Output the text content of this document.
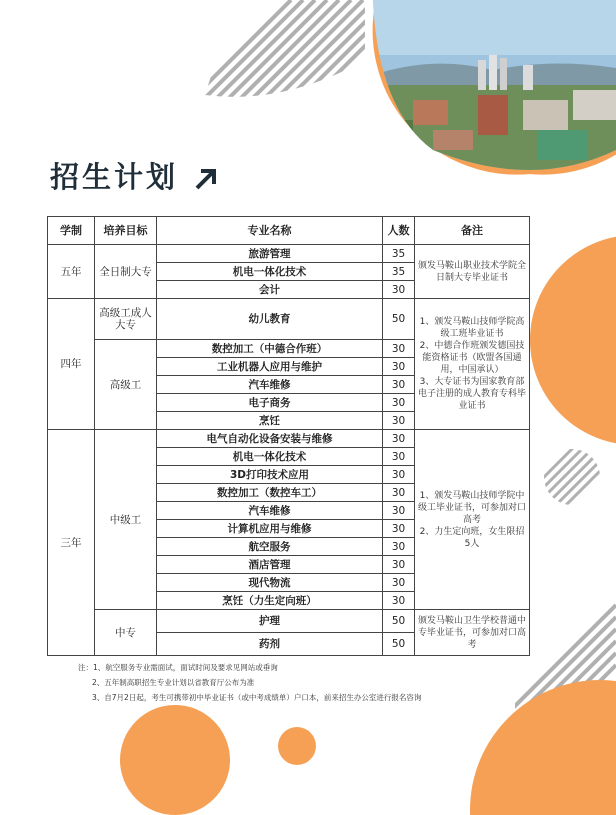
招生计划
学制	培养目标	专业名称	人数	备注
五年	全日制大专	旅游管理	35	颁发马鞍山职业技术学院全日制大专毕业证书
		机电一体化技术	35	
		会计	30	
四年	高级工成人大专	幼儿教育	50	1、颁发马鞍山技师学院高级工班毕业证书
2、中德合作班颁发德国技能资格证书（欧盟各国通用，中国承认）
3、大专证书为国家教育部电子注册的成人教育专科毕业证书
	高级工	数控加工（中德合作班）	30	
		工业机器人应用与维护	30	
		汽车维修	30	
		电子商务	30	
		烹饪	30	
三年	中级工	电气自动化设备安装与维修	30	1、颁发马鞍山技师学院中级工毕业证书，可参加对口高考
2、力生定向班，女生限招5人
		机电一体化技术	30	
		3D打印技术应用	30	
		数控加工（数控车工）	30	
		汽车维修	30	
		计算机应用与维修	30	
		航空服务	30	
		酒店管理	30	
		现代物流	30	
		烹饪（力生定向班）	30	
	中专	护理	50	颁发马鞍山卫生学校普通中专毕业证书，可参加对口高考
		药剂	50	
注：1、航空服务专业需面试，面试时间及要求见网站或垂询
2、五年制高职招生专业计划以省教育厅公布为准
3、自7月2日起，考生可携带初中毕业证书（或中考成绩单）户口本，前来招生办公室进行报名咨询
